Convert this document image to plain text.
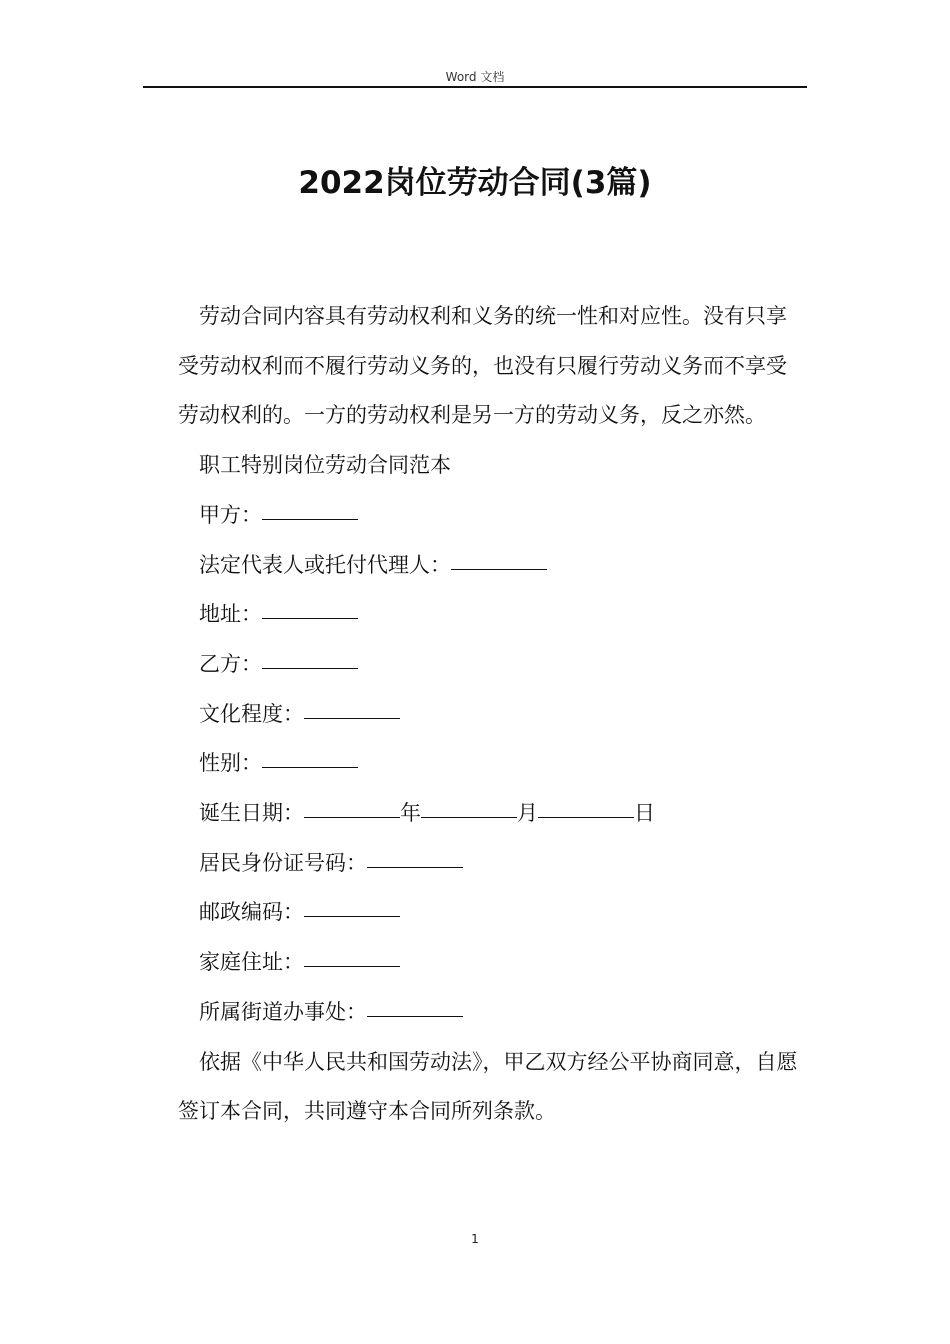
Word 文档
2022岗位劳动合同(3篇)

劳动合同内容具有劳动权利和义务的统一性和对应性。没有只享受劳动权利而不履行劳动义务的，也没有只履行劳动义务而不享受劳动权利的。一方的劳动权利是另一方的劳动义务，反之亦然。

职工特别岗位劳动合同范本

甲方：

法定代表人或托付代理人：

地址：

乙方：

文化程度：

性别：

诞生日期：	年	月	日

居民身份证号码：

邮政编码：

家庭住址：

所属街道办事处：

依据《中华人民共和国劳动法》，甲乙双方经公平协商同意，自愿签订本合同，共同遵守本合同所列条款。

1
